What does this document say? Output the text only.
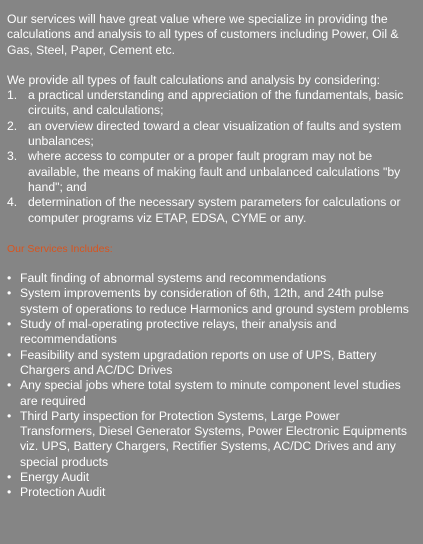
Our services will have great value where we specialize in providing the calculations and analysis to all types of customers including Power, Oil & Gas, Steel, Paper, Cement etc.

We provide all types of fault calculations and analysis by considering:

1. a practical understanding and appreciation of the fundamentals, basic circuits, and calculations;
2. an overview directed toward a clear visualization of faults and system unbalances;
3. where access to computer or a proper fault program may not be available, the means of making fault and unbalanced calculations "by hand"; and
4. determination of the necessary system parameters for calculations or computer programs viz ETAP, EDSA, CYME or any.

Our Services Includes:

• Fault finding of abnormal systems and recommendations
• System improvements by consideration of 6th, 12th, and 24th pulse system of operations to reduce Harmonics and ground system problems
• Study of mal-operating protective relays, their analysis and recommendations
• Feasibility and system upgradation reports on use of UPS, Battery Chargers and AC/DC Drives
• Any special jobs where total system to minute component level studies are required
• Third Party inspection for Protection Systems, Large Power Transformers, Diesel Generator Systems, Power Electronic Equipments viz. UPS, Battery Chargers, Rectifier Systems, AC/DC Drives and any special products
• Energy Audit
• Protection Audit
